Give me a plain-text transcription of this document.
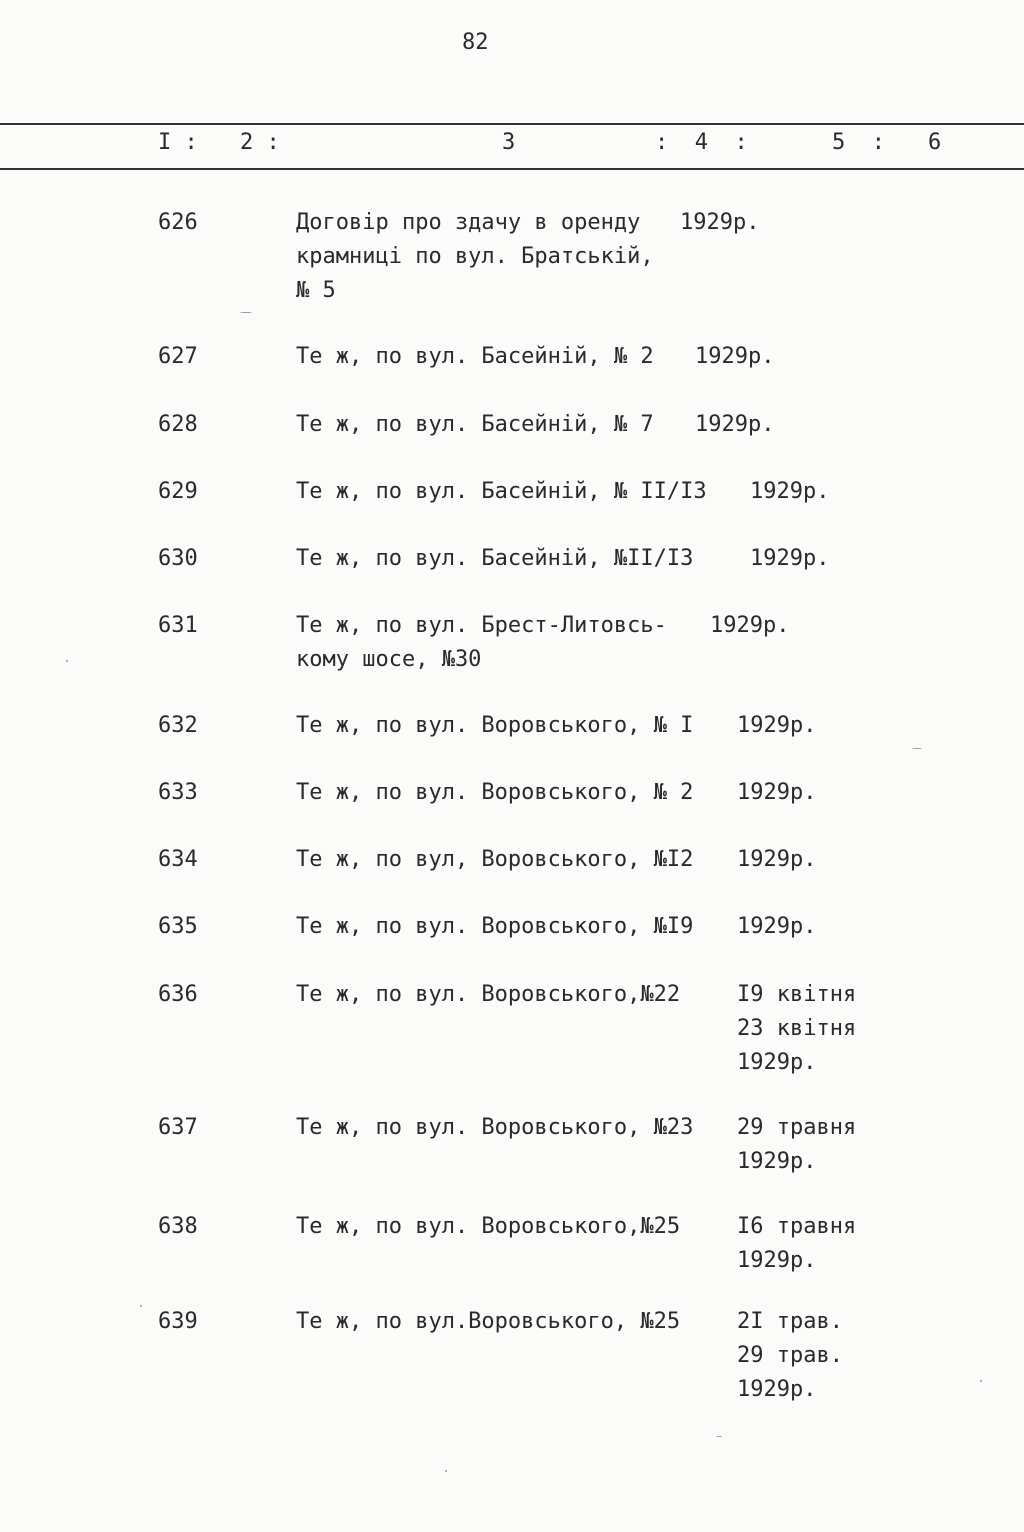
82
I : 2 :	3	:  4  :	5  : 6
626	Договір про здачу в оренду
крамниці по вул. Братській,
№ 5
1929р.
627	Те ж, по вул. Басейній, № 2 1929р.
628	Те ж, по вул. Басейній, № 7 1929р.
629	Те ж, по вул. Басейній, № II/I3 1929р.
630	Те ж, по вул. Басейній, №II/I3	1929р.
631	Те ж, по вул. Брест-Литовсь-
кому шосе, №30
1929р.
632	Те ж, по вул. Воровського, № I 1929р.
633	Те ж, по вул. Воровського, № 2 1929р.
634	Те ж, по вул, Воровського, №I2 1929р.
635	Те ж, по вул. Воровського, №I9 1929р.
636	Те ж, по вул. Воровського,№22	I9 квітня
23 квітня
1929р.
637	Те ж, по вул. Воровського, №23 29 травня
1929р.
638	Те ж, по вул. Воровського,№25	I6 травня
1929р.
639	Те ж, по вул.Воровського, №25	2I трав.
29 трав.
1929р.
